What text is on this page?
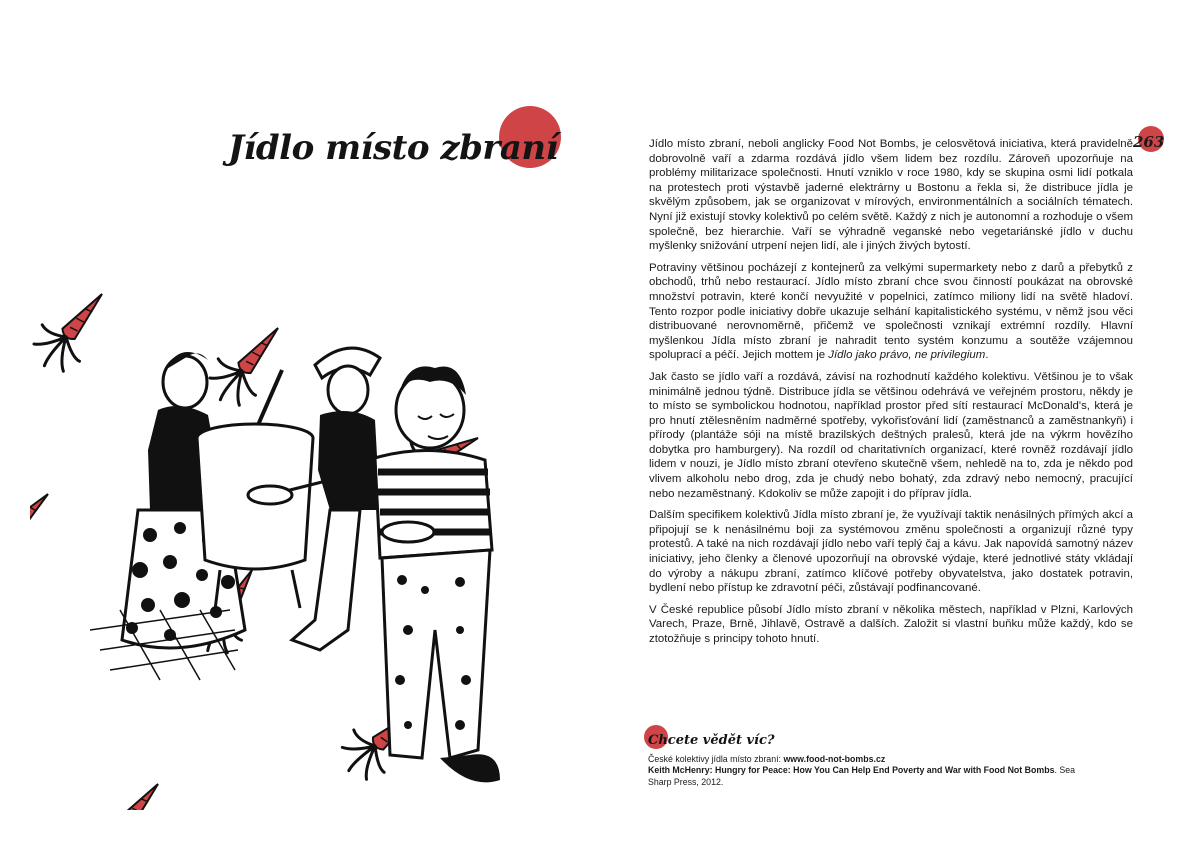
Jídlo místo zbraní	263

Jídlo místo zbraní, neboli anglicky Food Not Bombs, je celosvětová iniciativa, která pravidelně dobrovolně vaří a zdarma rozdává jídlo všem lidem bez rozdílu. Zároveň upozorňuje na problémy militarizace společnosti. Hnutí vzniklo v roce 1980, kdy se skupina osmi lidí potkala na protestech proti výstavbě jaderné elektrárny u Bostonu a řekla si, že distribuce jídla je skvělým způsobem, jak se organizovat v mírových, environmentálních a sociálních tématech. Nyní již existují stovky kolektivů po celém světě. Každý z nich je autonomní a rozhoduje o všem společně, bez hierarchie. Vaří se výhradně veganské nebo vegetariánské jídlo v duchu myšlenky snižování utrpení nejen lidí, ale i jiných živých bytostí.

Potraviny většinou pocházejí z kontejnerů za velkými supermarkety nebo z darů a přebytků z obchodů, trhů nebo restaurací. Jídlo místo zbraní chce svou činností poukázat na obrovské množství potravin, které končí nevyužité v popelnici, zatímco miliony lidí na světě hladoví. Tento rozpor podle iniciativy dobře ukazuje selhání kapitalistického systému, v němž jsou věci distribuované nerovnoměrně, přičemž ve společnosti vznikají extrémní rozdíly. Hlavní myšlenkou Jídla místo zbraní je nahradit tento systém konzumu a soutěže vzájemnou spoluprací a péčí. Jejich mottem je Jídlo jako právo, ne privilegium.

Jak často se jídlo vaří a rozdává, závisí na rozhodnutí každého kolektivu. Většinou je to však minimálně jednou týdně. Distribuce jídla se většinou odehrává ve veřejném prostoru, někdy je to místo se symbolickou hodnotou, například prostor před sítí restaurací McDonald's, která je pro hnutí ztělesněním nadměrné spotřeby, vykořisťování lidí (zaměstnanců a zaměstnankyň) i přírody (plantáže sóji na místě brazilských deštných pralesů, která jde na výkrm hovězího dobytka pro hamburgery). Na rozdíl od charitativních organizací, které rovněž rozdávají jídlo lidem v nouzi, je Jídlo místo zbraní otevřeno skutečně všem, nehledě na to, zda je někdo pod vlivem alkoholu nebo drog, zda je chudý nebo bohatý, zda zdravý nebo nemocný, pracující nebo nezaměstnaný. Kdokoliv se může zapojit i do příprav jídla.

Dalším specifikem kolektivů Jídla místo zbraní je, že využívají taktik nenásilných přímých akcí a připojují se k nenásilnému boji za systémovou změnu společnosti a organizují různé typy protestů. A také na nich rozdávají jídlo nebo vaří teplý čaj a kávu. Jak napovídá samotný název iniciativy, jeho členky a členové upozorňují na obrovské výdaje, které jednotlivé státy vkládají do výroby a nákupu zbraní, zatímco klíčové potřeby obyvatelstva, jako dostatek potravin, bydlení nebo přístup ke zdravotní péči, zůstávají podfinancované.

V České republice působí Jídlo místo zbraní v několika městech, například v Plzni, Karlových Varech, Praze, Brně, Jihlavě, Ostravě a dalších. Založit si vlastní buňku může každý, kdo se ztotožňuje s principy tohoto hnutí.

Chcete vědět víc?

České kolektivy jídla místo zbraní: www.food-not-bombs.cz

Keith McHenry: Hungry for Peace: How You Can Help End Poverty and War with Food Not Bombs. Sea Sharp Press, 2012.
